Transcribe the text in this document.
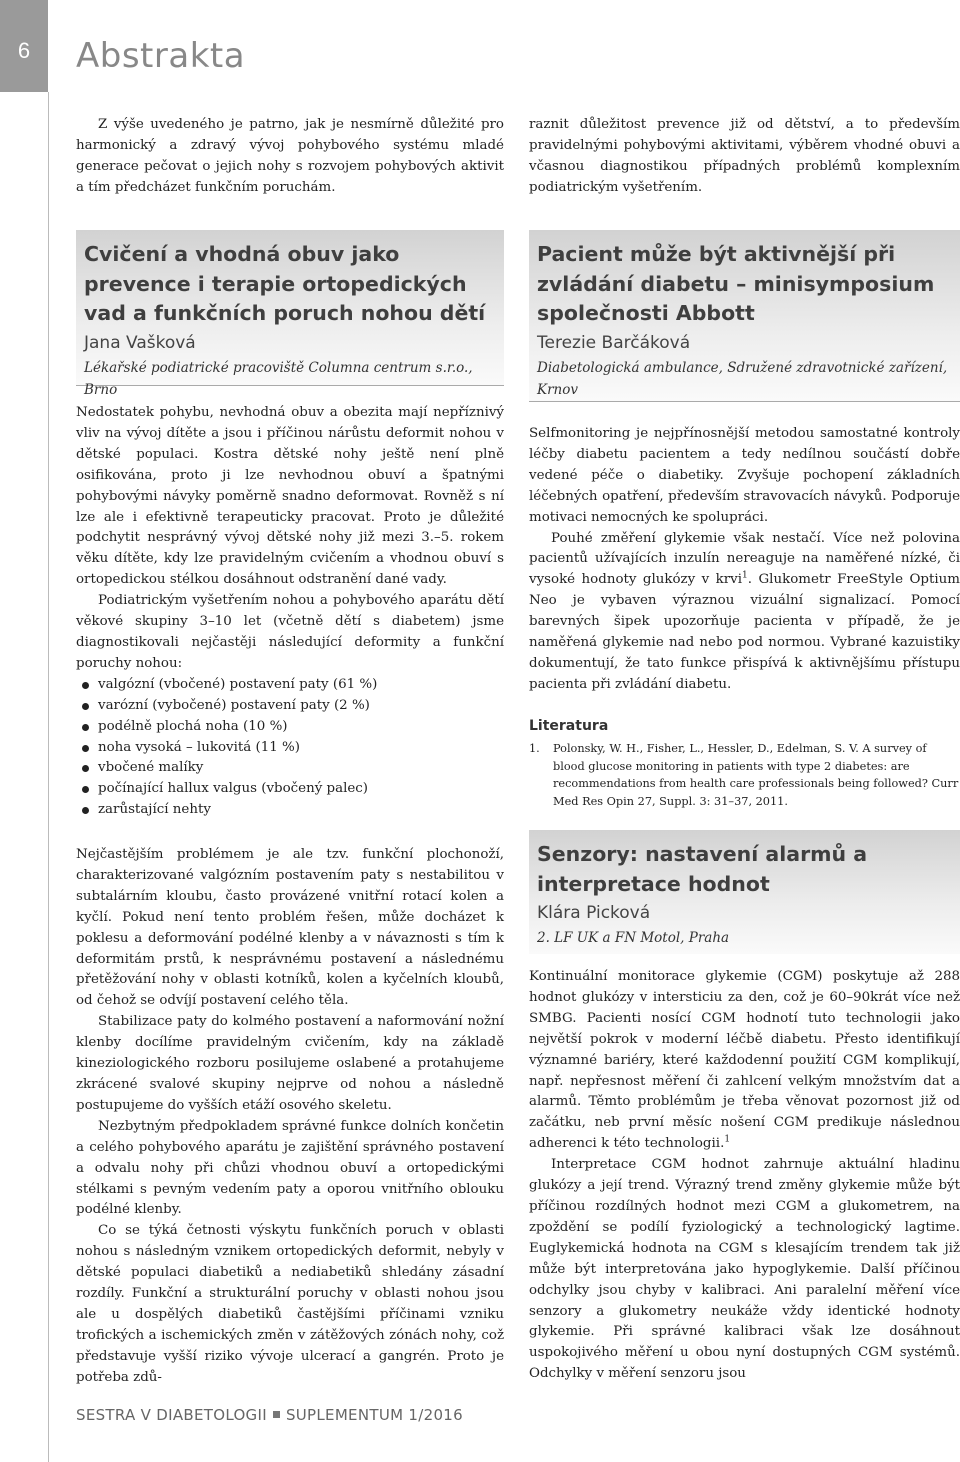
6	Abstrakta

Z výše uvedeného je patrno, jak je nesmírně důležité pro harmonický a zdravý vývoj pohybového systému mladé generace pečovat o jejich nohy s rozvojem pohybových aktivit a tím předcházet funkčním poruchám.

raznit důležitost prevence již od dětství, a to především pravidelnými pohybovými aktivitami, výběrem vhodné obuvi a včasnou diagnostikou případných problémů komplexním podiatrickým vyšetřením.

Cvičení a vhodná obuv jako prevence i terapie ortopedických vad a funkčních poruch nohou dětí
Jana Vašková
Lékařské podiatrické pracoviště Columna centrum s.r.o., Brno

Nedostatek pohybu, nevhodná obuv a obezita mají nepříznivý vliv na vývoj dítěte a jsou i příčinou nárůstu deformit nohou v dětské populaci. Kostra dětské nohy ještě není plně osifikována, proto ji lze nevhodnou obuví a špatnými pohybovými návyky poměrně snadno deformovat. Rovněž s ní lze ale i efektivně terapeuticky pracovat. Proto je důležité podchytit nesprávný vývoj dětské nohy již mezi 3.–5. rokem věku dítěte, kdy lze pravidelným cvičením a vhodnou obuví s ortopedickou stélkou dosáhnout odstranění dané vady.

Podiatrickým vyšetřením nohou a pohybového aparátu dětí věkové skupiny 3–10 let (včetně dětí s diabetem) jsme diagnostikovali nejčastěji následující deformity a funkční poruchy nohou:

valgózní (vbočené) postavení paty (61 %)
varózní (vybočené) postavení paty (2 %)
podélně plochá noha (10 %)
noha vysoká – lukovitá (11 %)
vbočené malíky
počínající hallux valgus (vbočený palec)
zarůstající nehty

Nejčastějším problémem je ale tzv. funkční plochonoží, charakterizované valgózním postavením paty s nestabilitou v subtalárním kloubu, často provázené vnitřní rotací kolen a kyčlí. Pokud není tento problém řešen, může docházet k poklesu a deformování podélné klenby a v návaznosti s tím k deformitám prstů, k nesprávnému postavení a následnému přetěžování nohy v oblasti kotníků, kolen a kyčelních kloubů, od čehož se odvíjí postavení celého těla.

Stabilizace paty do kolmého postavení a naformování nožní klenby docílíme pravidelným cvičením, kdy na základě kineziologického rozboru posilujeme oslabené a protahujeme zkrácené svalové skupiny nejprve od nohou a následně postupujeme do vyšších etáží osového skeletu.

Nezbytným předpokladem správné funkce dolních končetin a celého pohybového aparátu je zajištění správného postavení a odvalu nohy při chůzi vhodnou obuví a ortopedickými stélkami s pevným vedením paty a oporou vnitřního oblouku podélné klenby.

Co se týká četnosti výskytu funkčních poruch v oblasti nohou s následným vznikem ortopedických deformit, nebyly v dětské populaci diabetiků a nediabetiků shledány zásadní rozdíly. Funkční a strukturální poruchy v oblasti nohou jsou ale u dospělých diabetiků častějšími příčinami vzniku trofických a ischemických změn v zátěžových zónách nohy, což představuje vyšší riziko vývoje ulcerací a gangrén. Proto je potřeba zdů-

Pacient může být aktivnější při zvládání diabetu – minisymposium společnosti Abbott
Terezie Barčáková
Diabetologická ambulance, Sdružené zdravotnické zařízení, Krnov

Selfmonitoring je nejpřínosnější metodou samostatné kontroly léčby diabetu pacientem a tedy nedílnou součástí dobře vedené péče o diabetiky. Zvyšuje pochopení základních léčebných opatření, především stravovacích návyků. Podporuje motivaci nemocných ke spolupráci.

Pouhé změření glykemie však nestačí. Více než polovina pacientů užívajících inzulín nereaguje na naměřené nízké, či vysoké hodnoty glukózy v krvi$^1$. Glukometr FreeStyle Optium Neo je vybaven výraznou vizuální signalizací. Pomocí barevných šipek upozorňuje pacienta v případě, že je naměřená glykemie nad nebo pod normou. Vybrané kazuistiky dokumentují, že tato funkce přispívá k aktivnějšímu přístupu pacienta při zvládání diabetu.

Literatura
1. Polonsky, W. H., Fisher, L., Hessler, D., Edelman, S. V. A survey of blood glucose monitoring in patients with type 2 diabetes: are recommendations from health care professionals being followed? Curr Med Res Opin 27, Suppl. 3: 31–37, 2011.
Senzory: nastavení alarmů a interpretace hodnot
Klára Picková
2. LF UK a FN Motol, Praha

Kontinuální monitorace glykemie (CGM) poskytuje až 288 hodnot glukózy v intersticiu za den, což je 60–90krát více než SMBG. Pacienti nosící CGM hodnotí tuto technologii jako největší pokrok v moderní léčbě diabetu. Přesto identifikují významné bariéry, které každodenní použití CGM komplikují, např. nepřesnost měření či zahlcení velkým množstvím dat a alarmů. Těmto problémům je třeba věnovat pozornost již od začátku, neb první měsíc nošení CGM predikuje následnou adherenci k této technologii.$^1$

Interpretace CGM hodnot zahrnuje aktuální hladinu glukózy a její trend. Výrazný trend změny glykemie může být příčinou rozdílných hodnot mezi CGM a glukometrem, na zpoždění se podílí fyziologický a technologický lagtime. Euglykemická hodnota na CGM s klesajícím trendem tak již může být interpretována jako hypoglykemie. Další příčinou odchylky jsou chyby v kalibraci. Ani paralelní měření více senzory a glukometry neukáže vždy identické hodnoty glykemie. Při správné kalibraci však lze dosáhnout uspokojivého měření u obou nyní dostupných CGM systémů. Odchylky v měření senzoru jsou

SESTRA V DIABETOLOGII SUPLEMENTUM 1/2016
